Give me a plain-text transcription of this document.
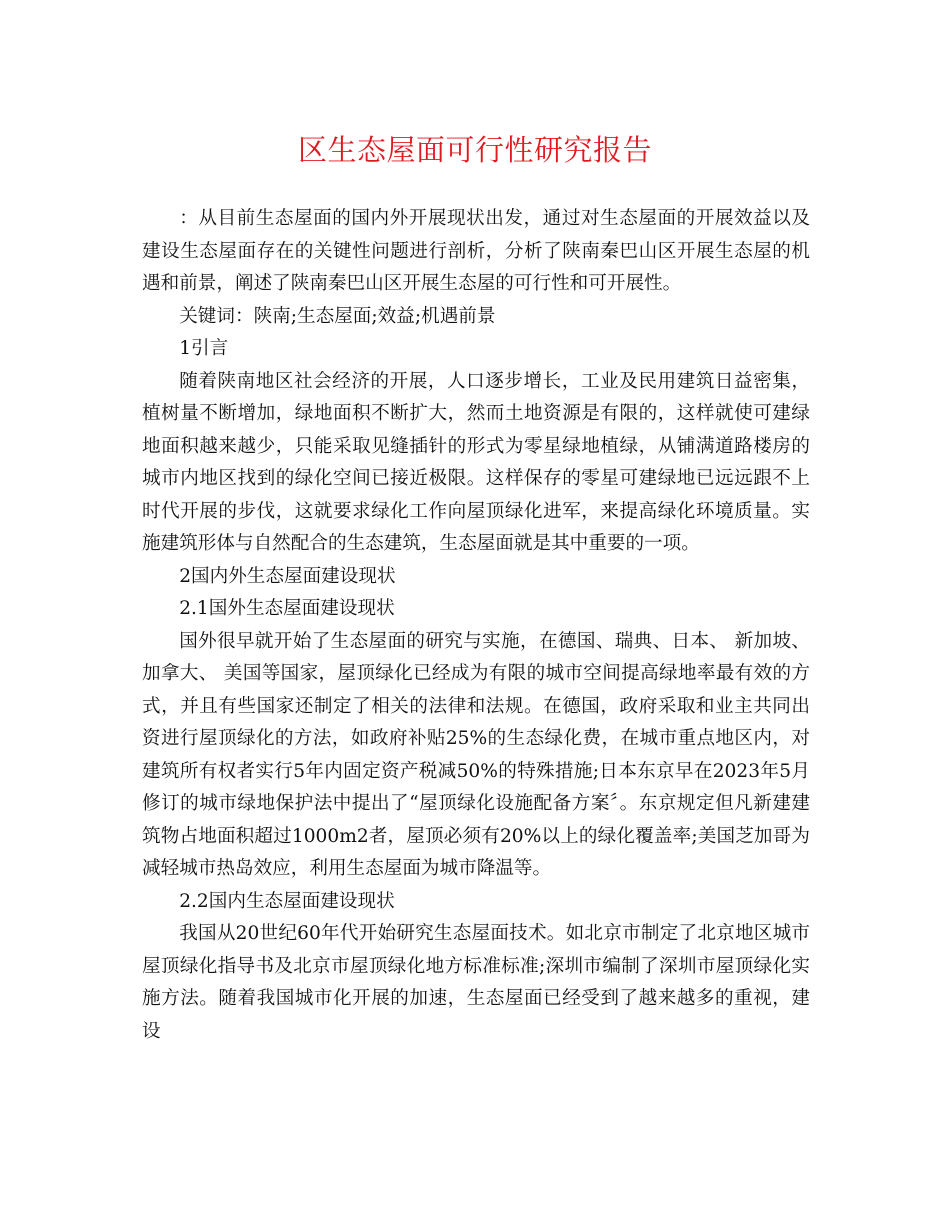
区生态屋面可行性研究报告

：从目前生态屋面的国内外开展现状出发，通过对生态屋面的开展效益以及建设生态屋面存在的关键性问题进行剖析，分析了陕南秦巴山区开展生态屋的机遇和前景，阐述了陕南秦巴山区开展生态屋的可行性和可开展性。

关键词：陕南;生态屋面;效益;机遇前景

1引言

随着陕南地区社会经济的开展，人口逐步增长，工业及民用建筑日益密集，植树量不断增加，绿地面积不断扩大，然而土地资源是有限的，这样就使可建绿地面积越来越少，只能采取见缝插针的形式为零星绿地植绿，从铺满道路楼房的城市内地区找到的绿化空间已接近极限。这样保存的零星可建绿地已远远跟不上时代开展的步伐，这就要求绿化工作向屋顶绿化进军，来提高绿化环境质量。实施建筑形体与自然配合的生态建筑，生态屋面就是其中重要的一项。

2国内外生态屋面建设现状

2.1国外生态屋面建设现状

国外很早就开始了生态屋面的研究与实施，在德国、瑞典、日本、 新加坡、 加拿大、 美国等国家，屋顶绿化已经成为有限的城市空间提高绿地率最有效的方式，并且有些国家还制定了相关的法律和法规。在德国，政府采取和业主共同出资进行屋顶绿化的方法，如政府补贴25%的生态绿化费，在城市重点地区内，对建筑所有权者实行5年内固定资产税减50%的特殊措施;日本东京早在2023年5月修订的城市绿地保护法中提出了“屋顶绿化设施配备方案〞。东京规定但凡新建建筑物占地面积超过1000m2者，屋顶必须有20%以上的绿化覆盖率;美国芝加哥为减轻城市热岛效应，利用生态屋面为城市降温等。

2.2国内生态屋面建设现状

我国从20世纪60年代开始研究生态屋面技术。如北京市制定了北京地区城市屋顶绿化指导书及北京市屋顶绿化地方标准标准;深圳市编制了深圳市屋顶绿化实施方法。随着我国城市化开展的加速，生态屋面已经受到了越来越多的重视，建设
